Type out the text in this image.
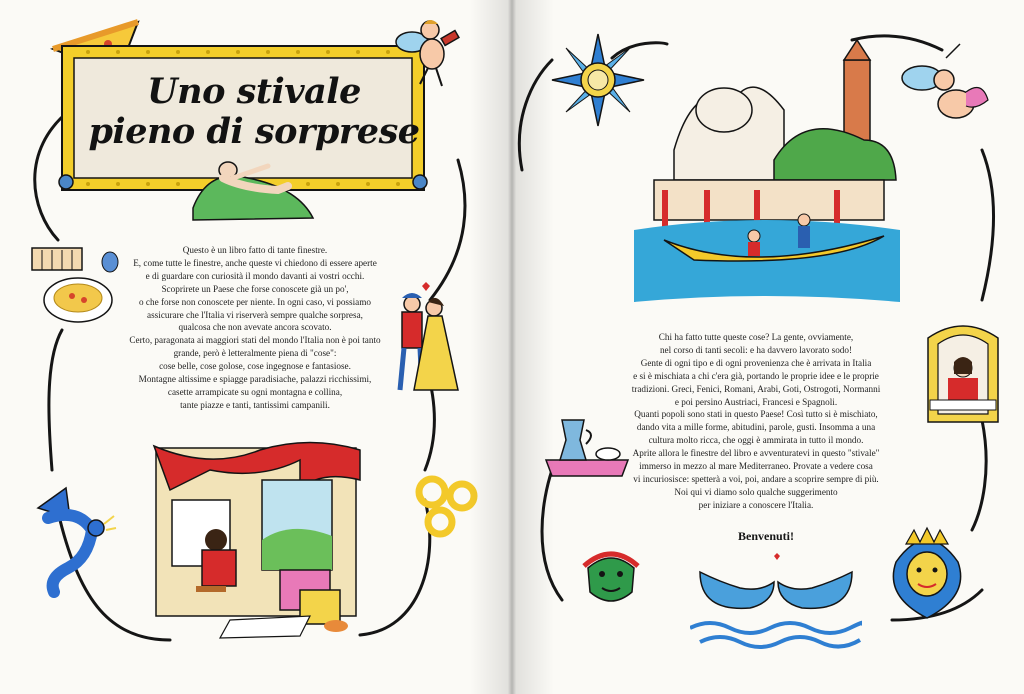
Uno stivale
pieno di sorprese
Questo è un libro fatto di tante finestre.
E, come tutte le finestre, anche queste vi chiedono di essere aperte
e di guardare con curiosità il mondo davanti ai vostri occhi.
Scoprirete un Paese che forse conoscete già un po',
o che forse non conoscete per niente. In ogni caso, vi possiamo
assicurare che l'Italia vi riserverà sempre qualche sorpresa,
qualcosa che non avevate ancora scovato.
Certo, paragonata ai maggiori stati del mondo l'Italia non è poi tanto
grande, però è letteralmente piena di "cose":
cose belle, cose golose, cose ingegnose e fantasiose.
Montagne altissime e spiagge paradisiache, palazzi ricchissimi,
casette arrampicate su ogni montagna e collina,
tante piazze e tanti, tantissimi campanili.
Chi ha fatto tutte queste cose? La gente, ovviamente,
nel corso di tanti secoli: e ha davvero lavorato sodo!
Gente di ogni tipo e di ogni provenienza che è arrivata in Italia
e si è mischiata a chi c'era già, portando le proprie idee e le proprie
tradizioni. Greci, Fenici, Romani, Arabi, Goti, Ostrogoti, Normanni
e poi persino Austriaci, Francesi e Spagnoli.
Quanti popoli sono stati in questo Paese! Così tutto si è mischiato,
dando vita a mille forme, abitudini, parole, gusti. Insomma a una
cultura molto ricca, che oggi è ammirata in tutto il mondo.
Aprite allora le finestre del libro e avventuratevi in questo "stivale"
immerso in mezzo al mare Mediterraneo. Provate a vedere cosa
vi incuriosisce: spetterà a voi, poi, andare a scoprire sempre di più.
Noi qui vi diamo solo qualche suggerimento
per iniziare a conoscere l'Italia.
Benvenuti!
